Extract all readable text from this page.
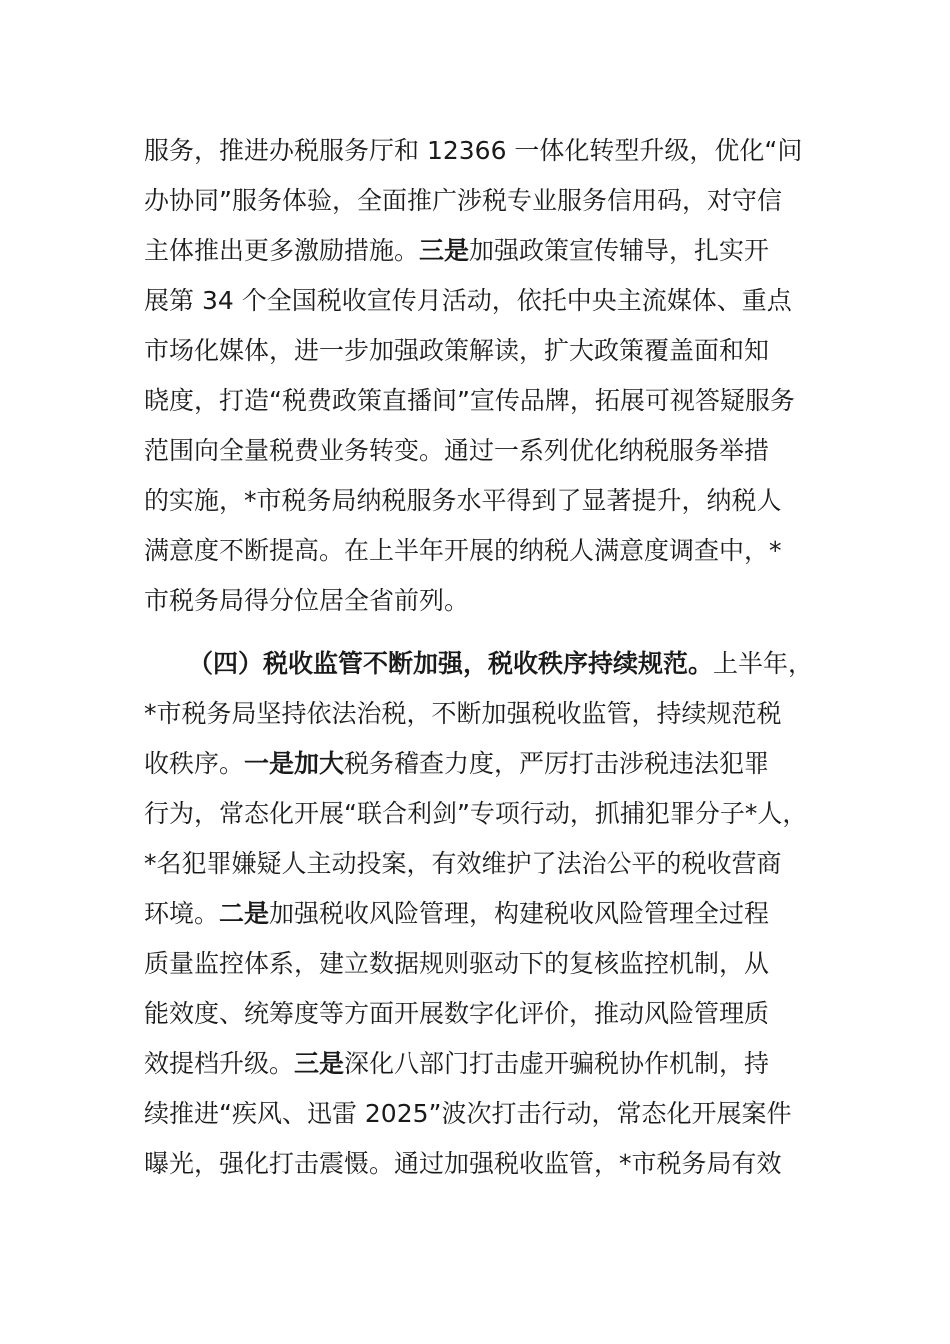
服务，推进办税服务厅和 12366 一体化转型升级，优化“问
办协同”服务体验，全面推广涉税专业服务信用码，对守信
主体推出更多激励措施。三是加强政策宣传辅导，扎实开
展第 34 个全国税收宣传月活动，依托中央主流媒体、重点
市场化媒体，进一步加强政策解读，扩大政策覆盖面和知
晓度，打造“税费政策直播间”宣传品牌，拓展可视答疑服务
范围向全量税费业务转变。通过一系列优化纳税服务举措
的实施，*市税务局纳税服务水平得到了显著提升，纳税人
满意度不断提高。在上半年开展的纳税人满意度调查中，*
市税务局得分位居全省前列。
（四）税收监管不断加强，税收秩序持续规范。上半年，
*市税务局坚持依法治税，不断加强税收监管，持续规范税
收秩序。一是加大税务稽查力度，严厉打击涉税违法犯罪
行为，常态化开展“联合利剑”专项行动，抓捕犯罪分子*人，
*名犯罪嫌疑人主动投案，有效维护了法治公平的税收营商
环境。二是加强税收风险管理，构建税收风险管理全过程
质量监控体系，建立数据规则驱动下的复核监控机制，从
能效度、统筹度等方面开展数字化评价，推动风险管理质
效提档升级。三是深化八部门打击虚开骗税协作机制，持
续推进“疾风、迅雷 2025”波次打击行动，常态化开展案件
曝光，强化打击震慑。通过加强税收监管，*市税务局有效
